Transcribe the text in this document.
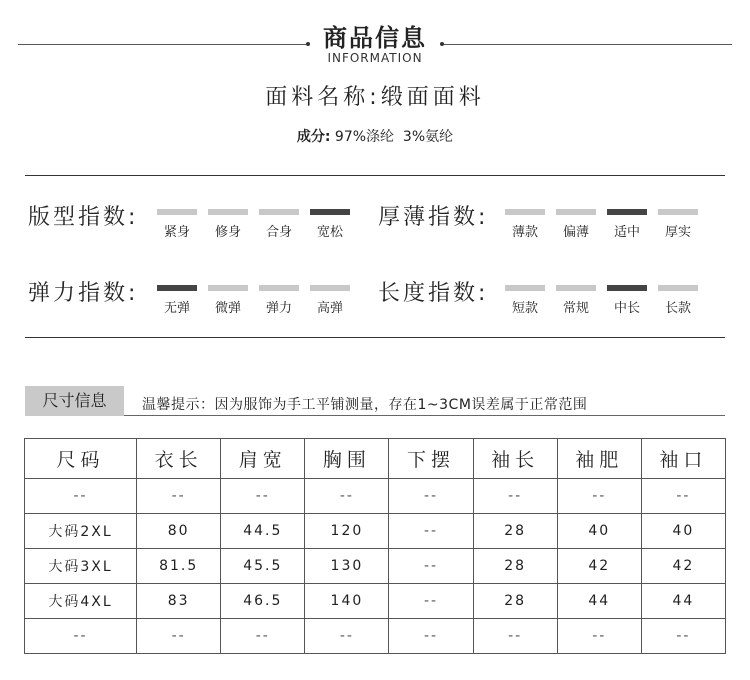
商品信息
INFORMATION
面料名称:缎面面料
成分: 97%涤纶  3%氨纶
版型指数:
紧身	修身	合身	宽松
厚薄指数:
薄款	偏薄	适中	厚实
弹力指数:
无弹	微弹	弹力	高弹
长度指数:
短款	常规	中长	长款
尺寸信息	温馨提示：因为服饰为手工平铺测量，存在1~3CM误差属于正常范围
尺码	衣长	肩宽	胸围	下摆	袖长	袖肥	袖口
--	--	--	--	--	--	--	--
大码2XL	80	44.5	120	--	28	40	40
大码3XL	81.5	45.5	130	--	28	42	42
大码4XL	83	46.5	140	--	28	44	44
--	--	--	--	--	--	--	--
